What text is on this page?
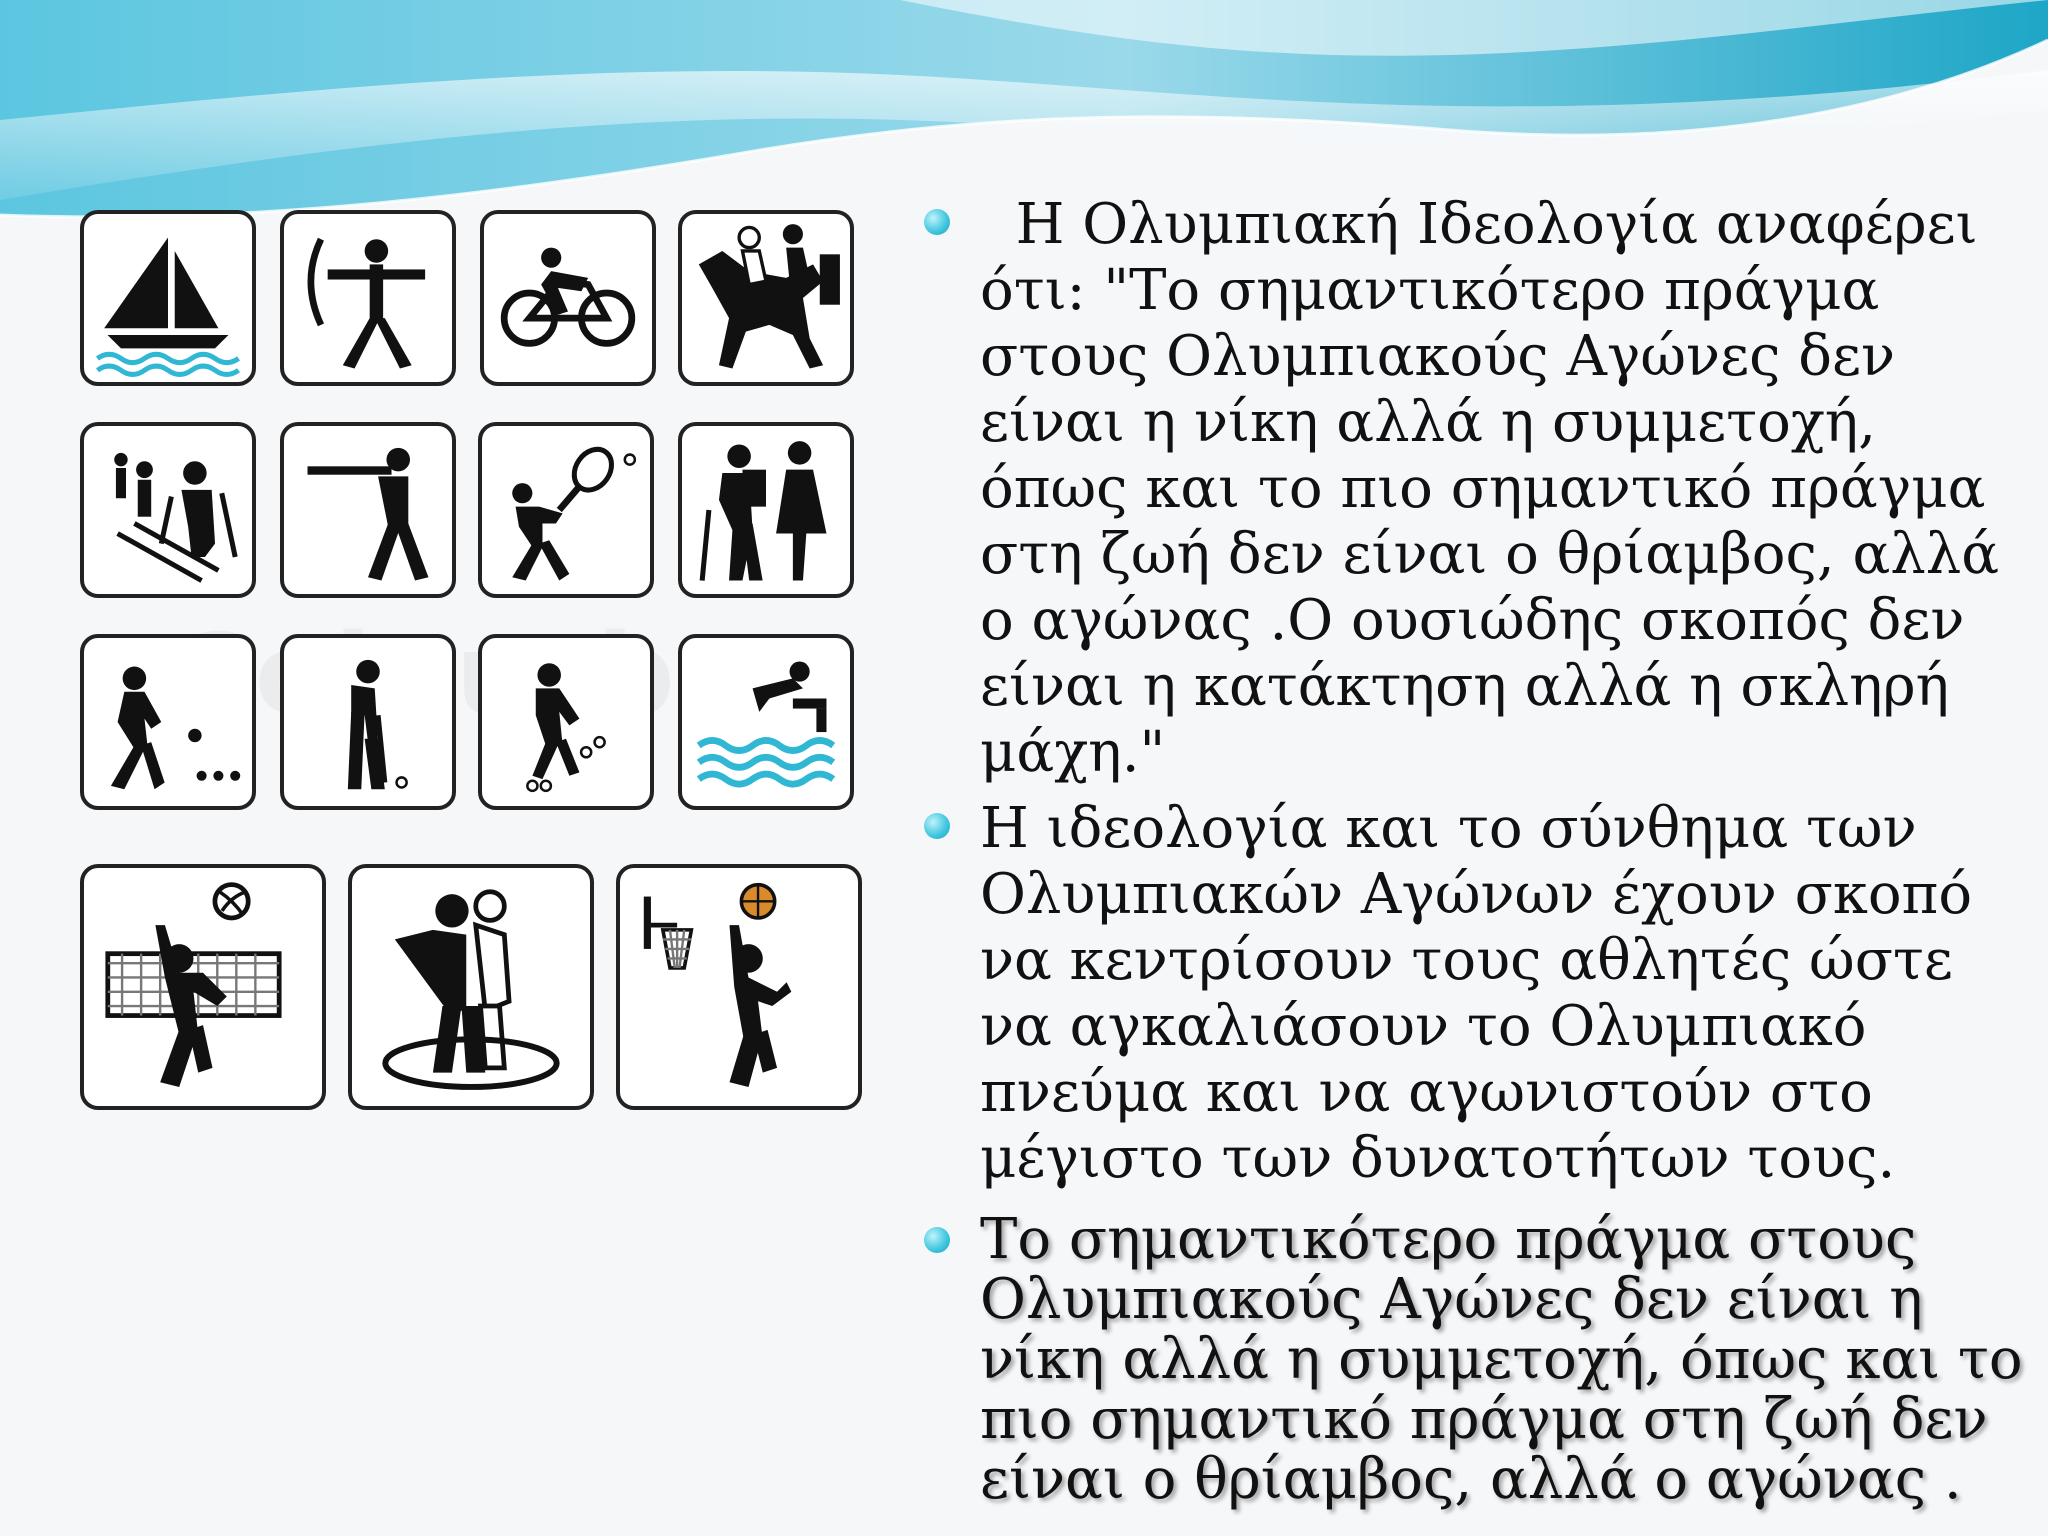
Η Ολυμπιακή Ιδεολογία αναφέρει ότι: "Το σημαντικότερο πράγμα στους Ολυμπιακούς Αγώνες δεν είναι η νίκη αλλά η συμμετοχή, όπως και το πιο σημαντικό πράγμα στη ζωή δεν είναι ο θρίαμβος, αλλά ο αγώνας .Ο ουσιώδης σκοπός δεν είναι η κατάκτηση αλλά η σκληρή μάχη."
Η ιδεολογία και το σύνθημα των Ολυμπιακών Αγώνων έχουν σκοπό να κεντρίσουν τους αθλητές ώστε να αγκαλιάσουν το Ολυμπιακό πνεύμα και να αγωνιστούν στο μέγιστο των δυνατοτήτων τους.
Το σημαντικότερο πράγμα στους Ολυμπιακούς Αγώνες δεν είναι η νίκη αλλά η συμμετοχή, όπως και το πιο σημαντικό πράγμα στη ζωή δεν είναι ο θρίαμβος, αλλά ο αγώνας .
